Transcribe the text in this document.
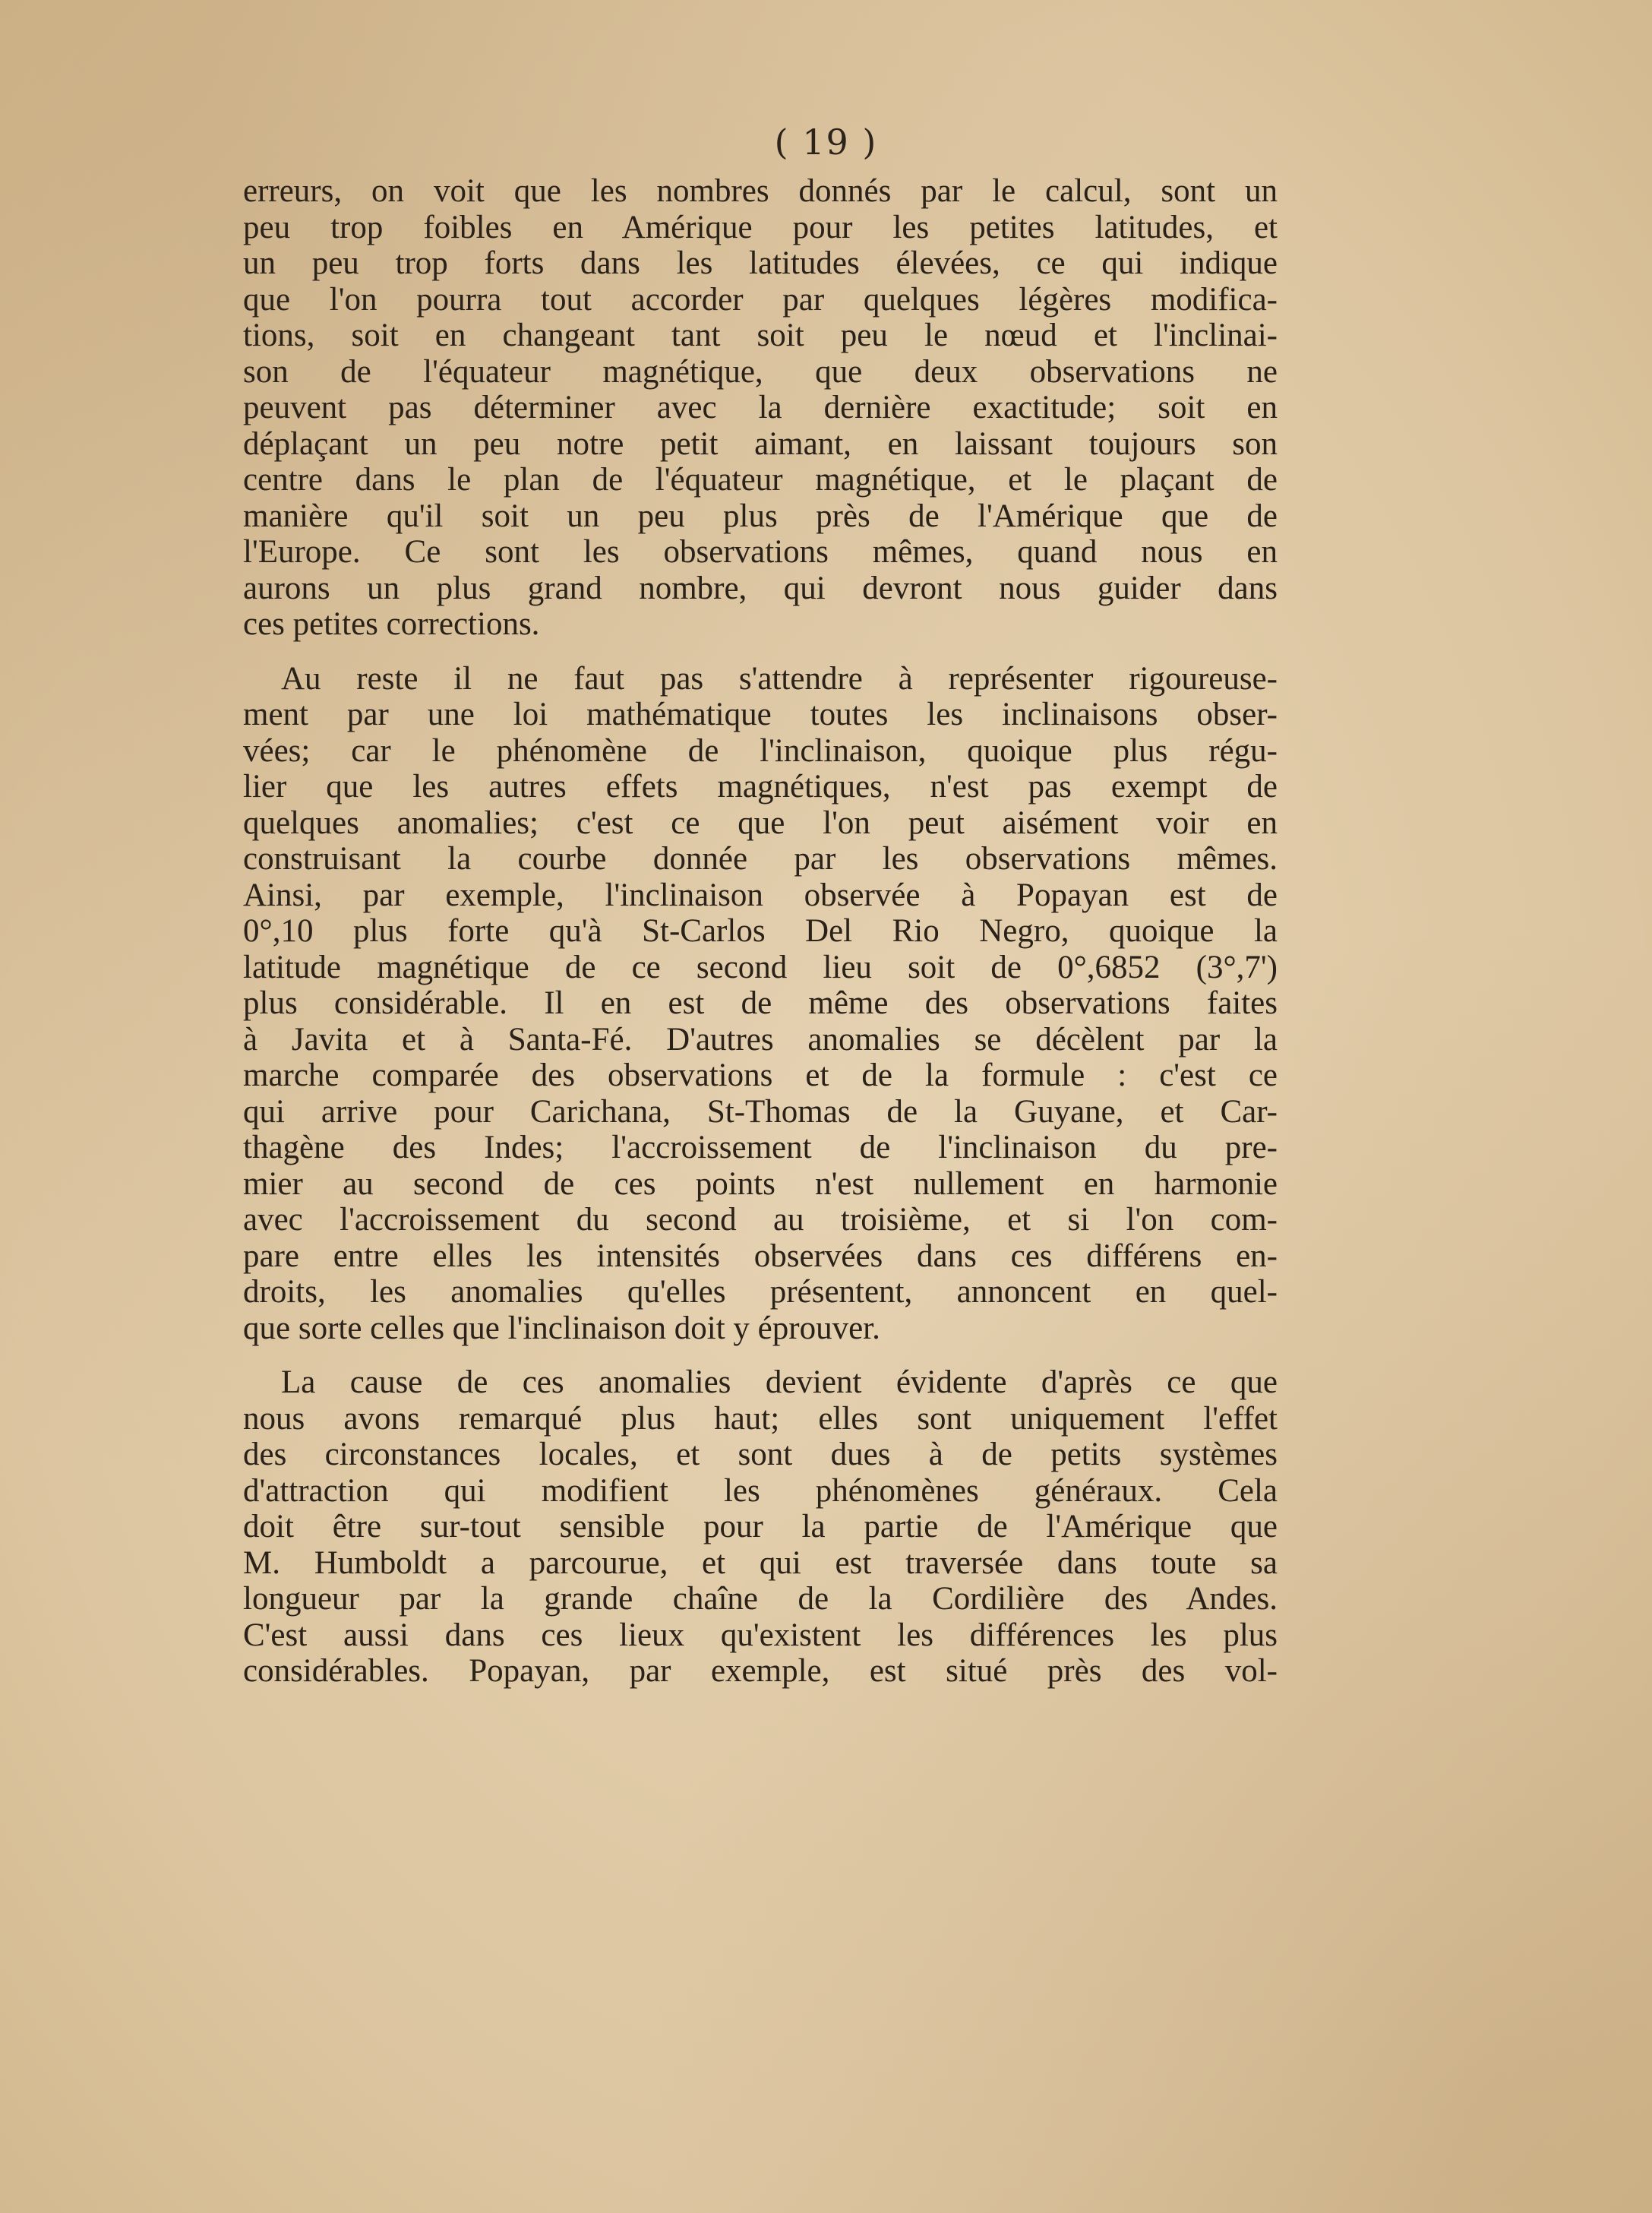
( 19 )
erreurs, on voit que les nombres donnés par le calcul, sont un
peu trop foibles en Amérique pour les petites latitudes, et
un peu trop forts dans les latitudes élevées, ce qui indique
que l'on pourra tout accorder par quelques légères modifica-
tions, soit en changeant tant soit peu le nœud et l'inclinai-
son de l'équateur magnétique, que deux observations ne
peuvent pas déterminer avec la dernière exactitude; soit en
déplaçant un peu notre petit aimant, en laissant toujours son
centre dans le plan de l'équateur magnétique, et le plaçant de
manière qu'il soit un peu plus près de l'Amérique que de
l'Europe. Ce sont les observations mêmes, quand nous en
aurons un plus grand nombre, qui devront nous guider dans
ces petites corrections.
Au reste il ne faut pas s'attendre à représenter rigoureuse-
ment par une loi mathématique toutes les inclinaisons obser-
vées; car le phénomène de l'inclinaison, quoique plus régu-
lier que les autres effets magnétiques, n'est pas exempt de
quelques anomalies; c'est ce que l'on peut aisément voir en
construisant la courbe donnée par les observations mêmes.
Ainsi, par exemple, l'inclinaison observée à Popayan est de
0°,10 plus forte qu'à St-Carlos Del Rio Negro, quoique la
latitude magnétique de ce second lieu soit de 0°,6852 (3°,7')
plus considérable. Il en est de même des observations faites
à Javita et à Santa-Fé. D'autres anomalies se décèlent par la
marche comparée des observations et de la formule : c'est ce
qui arrive pour Carichana, St-Thomas de la Guyane, et Car-
thagène des Indes; l'accroissement de l'inclinaison du pre-
mier au second de ces points n'est nullement en harmonie
avec l'accroissement du second au troisième, et si l'on com-
pare entre elles les intensités observées dans ces différens en-
droits, les anomalies qu'elles présentent, annoncent en quel-
que sorte celles que l'inclinaison doit y éprouver.
La cause de ces anomalies devient évidente d'après ce que
nous avons remarqué plus haut; elles sont uniquement l'effet
des circonstances locales, et sont dues à de petits systèmes
d'attraction qui modifient les phénomènes généraux. Cela
doit être sur-tout sensible pour la partie de l'Amérique que
M. Humboldt a parcourue, et qui est traversée dans toute sa
longueur par la grande chaîne de la Cordilière des Andes.
C'est aussi dans ces lieux qu'existent les différences les plus
considérables. Popayan, par exemple, est situé près des vol-
